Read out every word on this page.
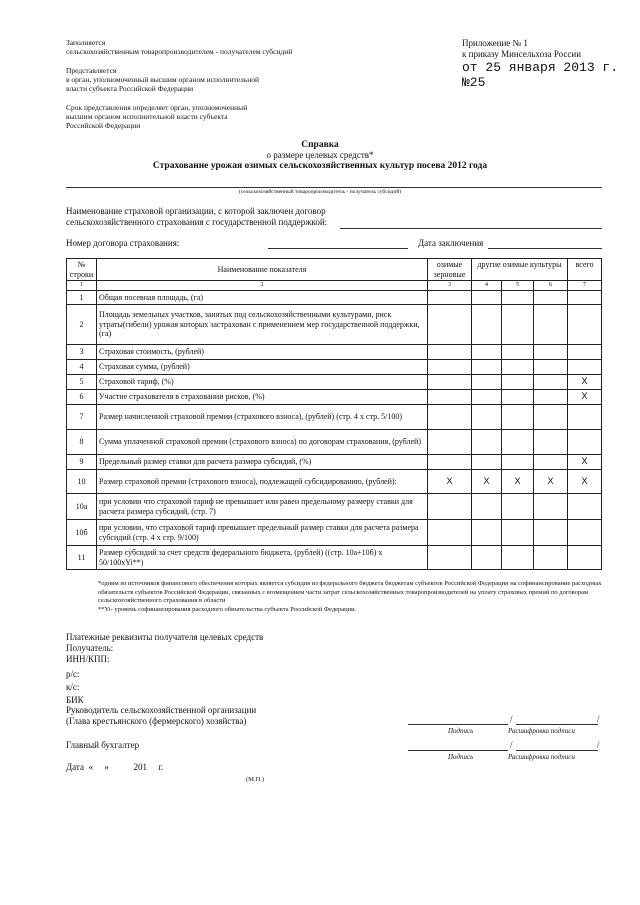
Заполняется
сельскохозяйственным товаропроизводителем - получателем субсидий

Представляется
в орган, уполномоченный высшим органом исполнительной
власти субъекта Российской Федерации

Срок представления определяет орган, уполномоченный
высшим органом исполнительной власти субъекта
Российской Федерации

Приложение № 1
к приказу Минсельхоза России
от 25 января 2013 г.№25
Справка
о размере целевых средств*
Страхование урожая озимых сельскохозяйственных культур посева 2012 года
(сельскохозяйственный товаропроизводитель - получатель субсидий)
Наименование страховой организации, с которой заключен договор
сельскохозяйственного страхования с государственной поддержкой:
Номер договора страхования:	Дата заключения
№ строки	Наименование показателя	озимые зерновые	другие озимые культуры			всего
1	2	3	4	5	6	7
1	Общая посевная площадь, (га)					
2	Площадь земельных участков, занятых под сельскохозяйственными культурами, риск утраты(гибели) урожая которых застрахован с применением мер государственной поддержки, (га)					
3	Страховая стоимость, (рублей)					
4	Страховая сумма, (рублей)					
5	Страховой тариф, (%)					X
6	Участие страхователя в страховании рисков, (%)					X
7	Размер начисленной страховой премии (страхового взноса), (рублей) (стр. 4 x стр. 5/100)					
8	Сумма уплаченной страховой премии (страхового взноса) по договорам страхования, (рублей)					
9	Предельный размер ставки для расчета размера субсидий, (%)					X
10	Размер страховой премии (страхового взноса), подлежащей субсидированию, (рублей):	X	X	X	X	X
10а	при условии что страховой тариф не превышает или равен предельному размеру ставки для расчета размера субсидий, (стр. 7)					
10б	при условии, что страховой тариф превышает предельный размер ставки для расчета размера субсидий (стр. 4 x стр. 9/100)					
11	Размер субсидий за счет средств федерального бюджета, (рублей) ((стр. 10а+10б) x 50/100xYi**)					
*одним из источников финансового обеспечения которых является субсидия из федерального бюджета бюджетам субъектов Российской Федерации на софинансирование расходных обязательств субъектов Российской Федерации, связанных с возмещением части затрат сельскохозяйственных товаропроизводителей на уплату страховых премий по договорам сельскохозяйственного страхования в области
**Yi- уровень софинансирования расходного обязательства субъекта Российской Федерации.
Платежные реквизиты получателя целевых средств
Получатель:
ИНН/КПП:
р/с:
к/с:
БИК
Руководитель сельскохозяйственной организации
(Глава крестьянского (фермерского) хозяйства)	/	/
Подпись	Расшифровка подписи
Главный бухгалтер	/	/
Подпись	Расшифровка подписи
Дата  «     »           201     г.
(М.П.)
